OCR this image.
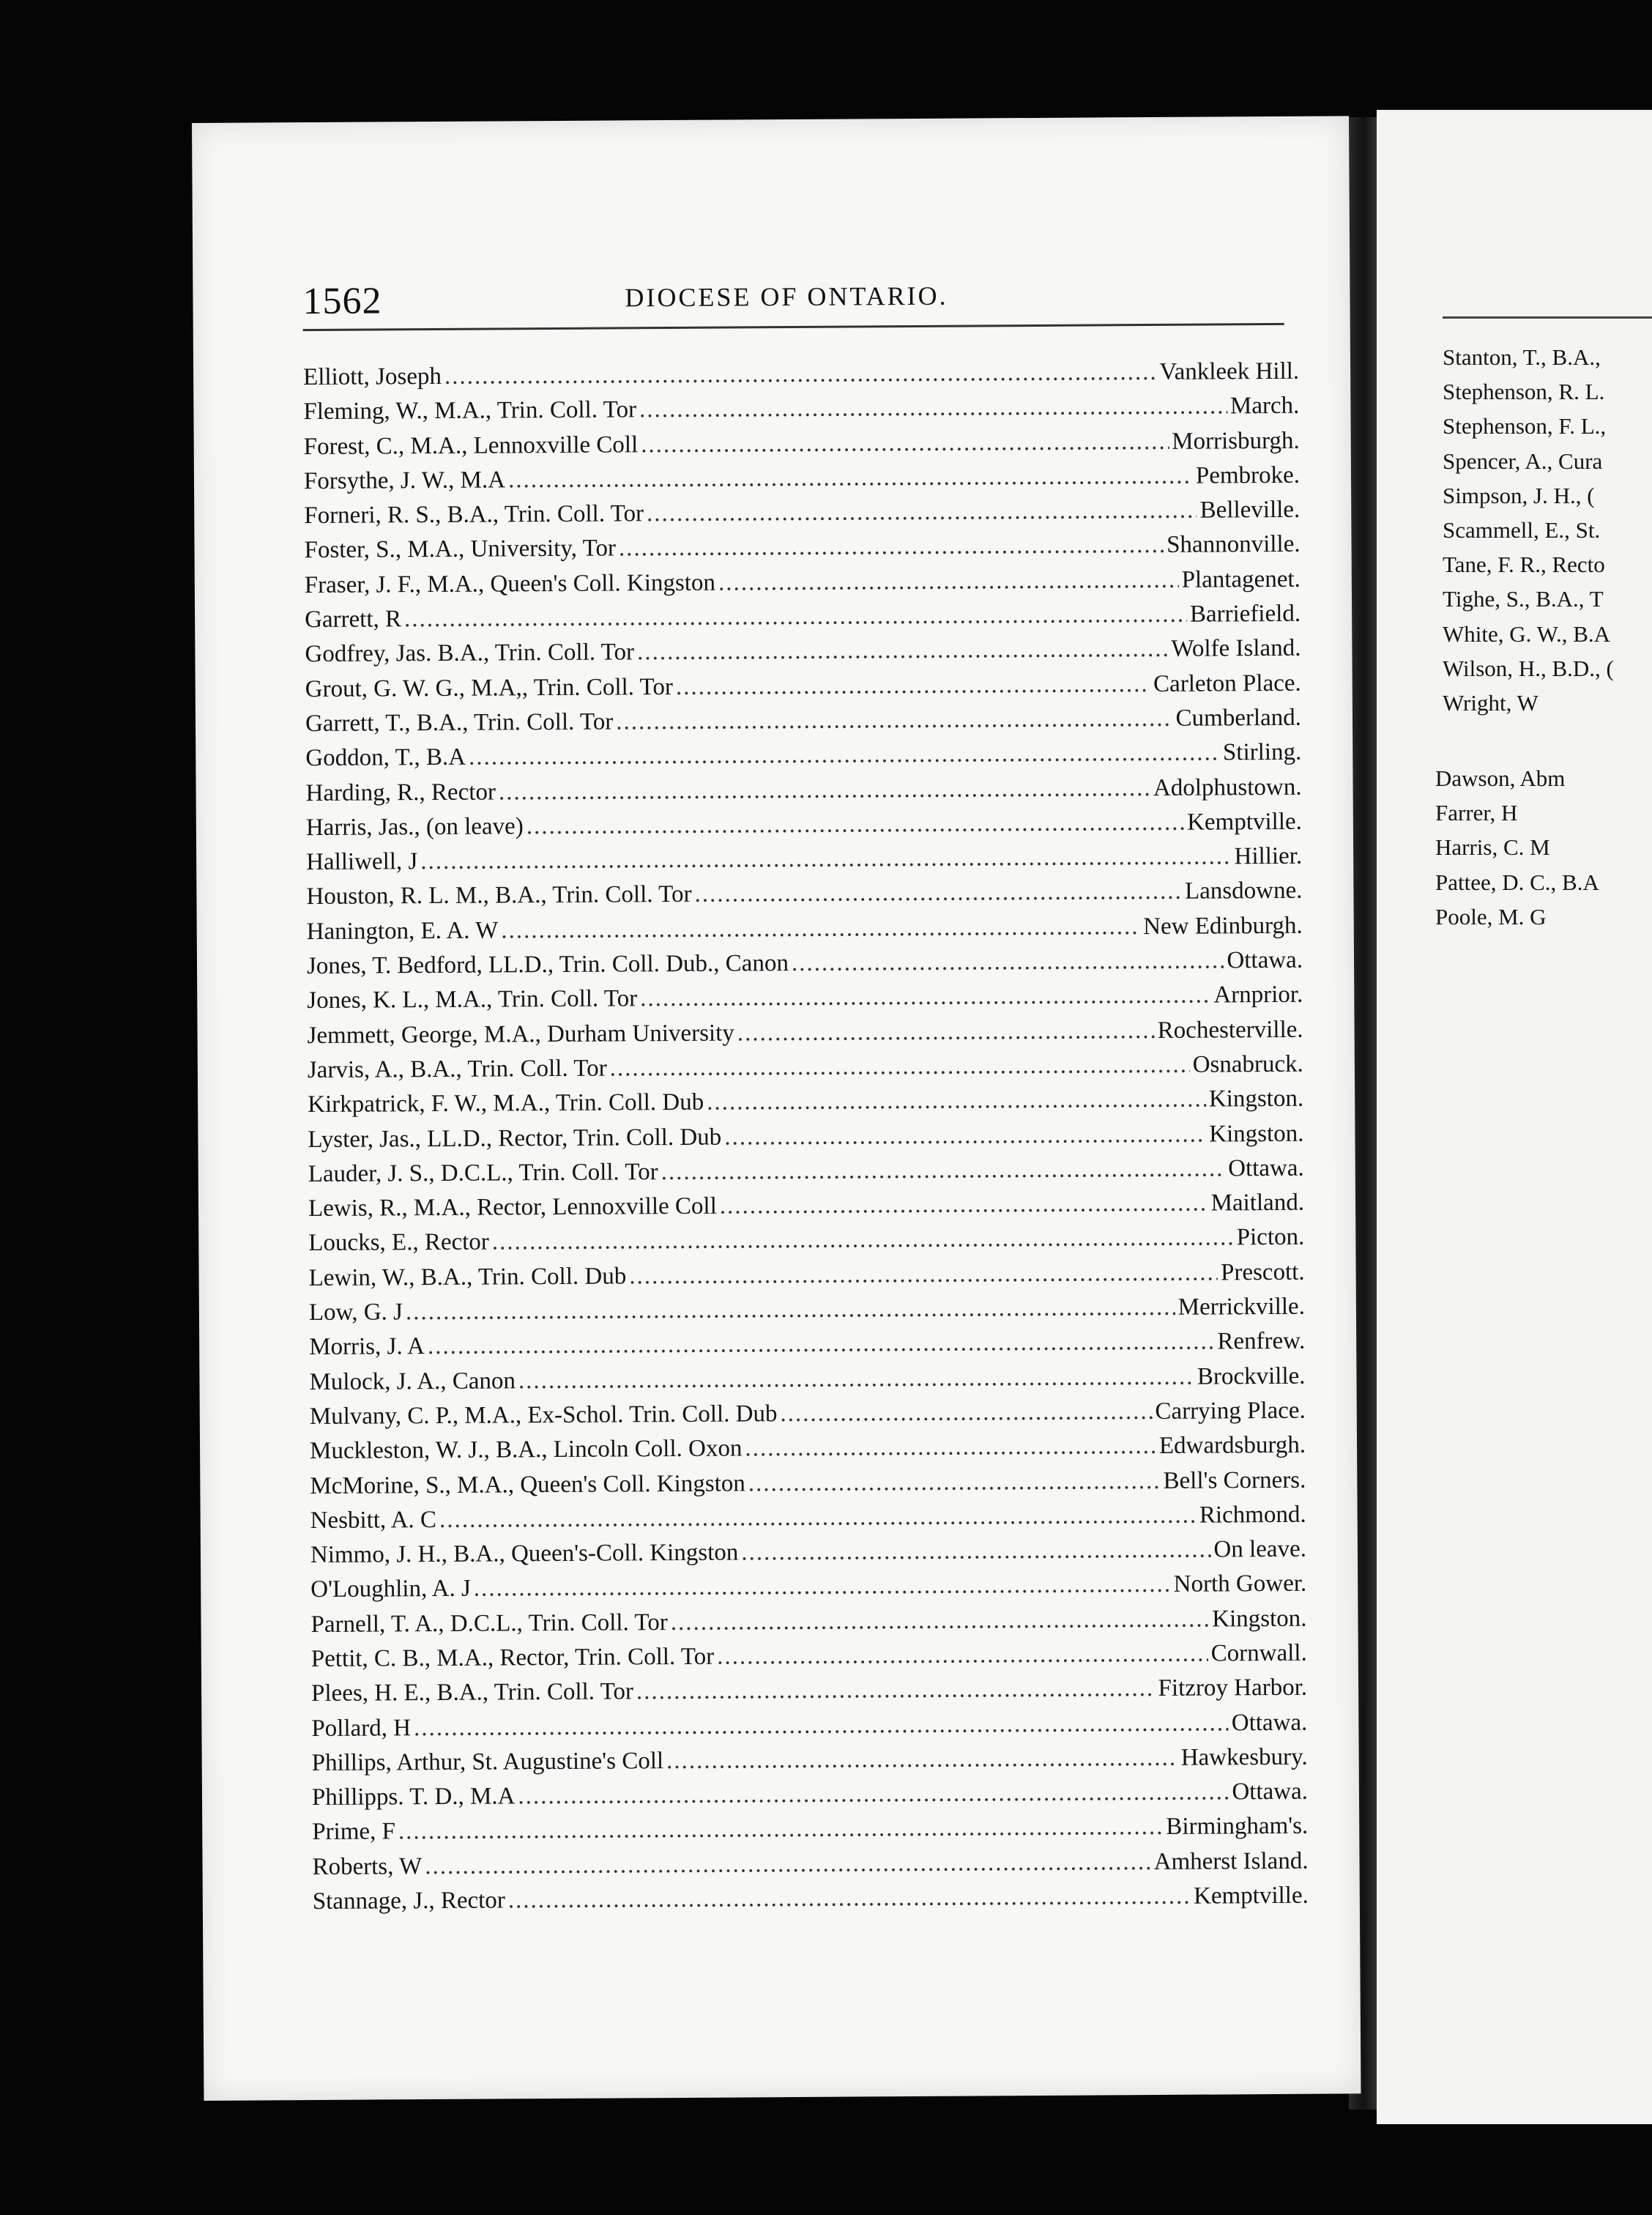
Stanton, T., B.A.,
Stephenson, R. L.
Stephenson, F. L.,
Spencer, A., Cura
Simpson, J. H., (
Scammell, E., St.
Tane, F. R., Recto
Tighe, S., B.A., T
White, G. W., B.A
Wilson, H., B.D., (
Wright, W
Dawson, Abm
Farrer, H
Harris, C. M
Pattee, D. C., B.A
Poole, M. G
1562	DIOCESE OF ONTARIO.
Elliott, Joseph .....	Vankleek Hill.
Fleming, W., M.A., Trin. Coll. Tor .....	March.
Forest, C., M.A., Lennoxville Coll .....	Morrisburgh.
Forsythe, J. W., M.A .....	Pembroke.
Forneri, R. S., B.A., Trin. Coll. Tor .....	Belleville.
Foster, S., M.A., University, Tor .....	Shannonville.
Fraser, J. F., M.A., Queen's Coll. Kingston .....	Plantagenet.
Garrett, R .....	Barriefield.
Godfrey, Jas. B.A., Trin. Coll. Tor .....	Wolfe Island.
Grout, G. W. G., M.A,, Trin. Coll. Tor .....	Carleton Place.
Garrett, T., B.A., Trin. Coll. Tor .....	Cumberland.
Goddon, T., B.A .....	Stirling.
Harding, R., Rector .....	Adolphustown.
Harris, Jas., (on leave) .....	Kemptville.
Halliwell, J .....	Hillier.
Houston, R. L. M., B.A., Trin. Coll. Tor .....	Lansdowne.
Hanington, E. A. W .....	New Edinburgh.
Jones, T. Bedford, LL.D., Trin. Coll. Dub., Canon .....	Ottawa.
Jones, K. L., M.A., Trin. Coll. Tor .....	Arnprior.
Jemmett, George, M.A., Durham University .....	Rochesterville.
Jarvis, A., B.A., Trin. Coll. Tor .....	Osnabruck.
Kirkpatrick, F. W., M.A., Trin. Coll. Dub .....	Kingston.
Lyster, Jas., LL.D., Rector, Trin. Coll. Dub .....	Kingston.
Lauder, J. S., D.C.L., Trin. Coll. Tor .....	Ottawa.
Lewis, R., M.A., Rector, Lennoxville Coll .....	Maitland.
Loucks, E., Rector .....	Picton.
Lewin, W., B.A., Trin. Coll. Dub .....	Prescott.
Low, G. J .....	Merrickville.
Morris, J. A .....	Renfrew.
Mulock, J. A., Canon .....	Brockville.
Mulvany, C. P., M.A., Ex-Schol. Trin. Coll. Dub .....	Carrying Place.
Muckleston, W. J., B.A., Lincoln Coll. Oxon .....	Edwardsburgh.
McMorine, S., M.A., Queen's Coll. Kingston .....	Bell's Corners.
Nesbitt, A. C .....	Richmond.
Nimmo, J. H., B.A., Queen's-Coll. Kingston .....	On leave.
O'Loughlin, A. J .....	North Gower.
Parnell, T. A., D.C.L., Trin. Coll. Tor .....	Kingston.
Pettit, C. B., M.A., Rector, Trin. Coll. Tor .....	Cornwall.
Plees, H. E., B.A., Trin. Coll. Tor .....	Fitzroy Harbor.
Pollard, H .....	Ottawa.
Phillips, Arthur, St. Augustine's Coll .....	Hawkesbury.
Phillipps. T. D., M.A .....	Ottawa.
Prime, F .....	Birmingham's.
Roberts, W .....	Amherst Island.
Stannage, J., Rector .....	Kemptville.
